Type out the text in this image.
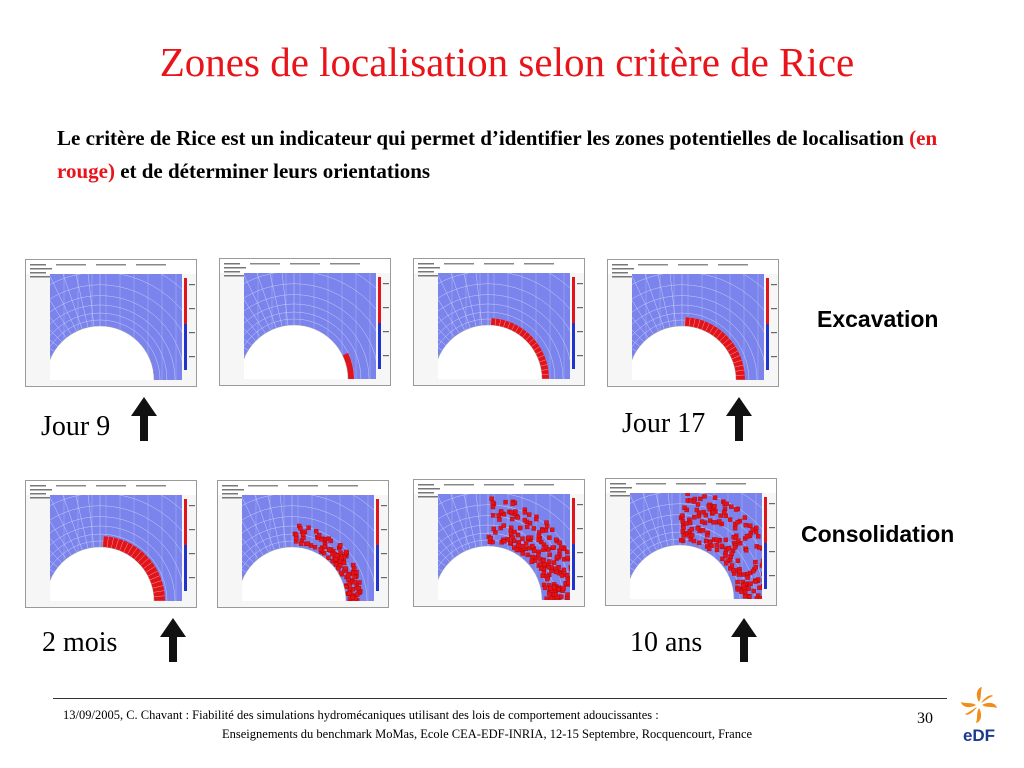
Zones de localisation selon critère de Rice
Le critère de Rice est un indicateur qui permet d’identifier les zones potentielles de localisation (en rouge) et de déterminer leurs orientations
Excavation
Consolidation
Jour 9	Jour 17
2 mois	10 ans
13/09/2005, C. Chavant : Fiabilité des simulations hydromécaniques utilisant des lois de comportement adoucissantes :
Enseignements du benchmark MoMas, Ecole CEA-EDF-INRIA, 12-15 Septembre, Rocquencourt, France
30
eDF
